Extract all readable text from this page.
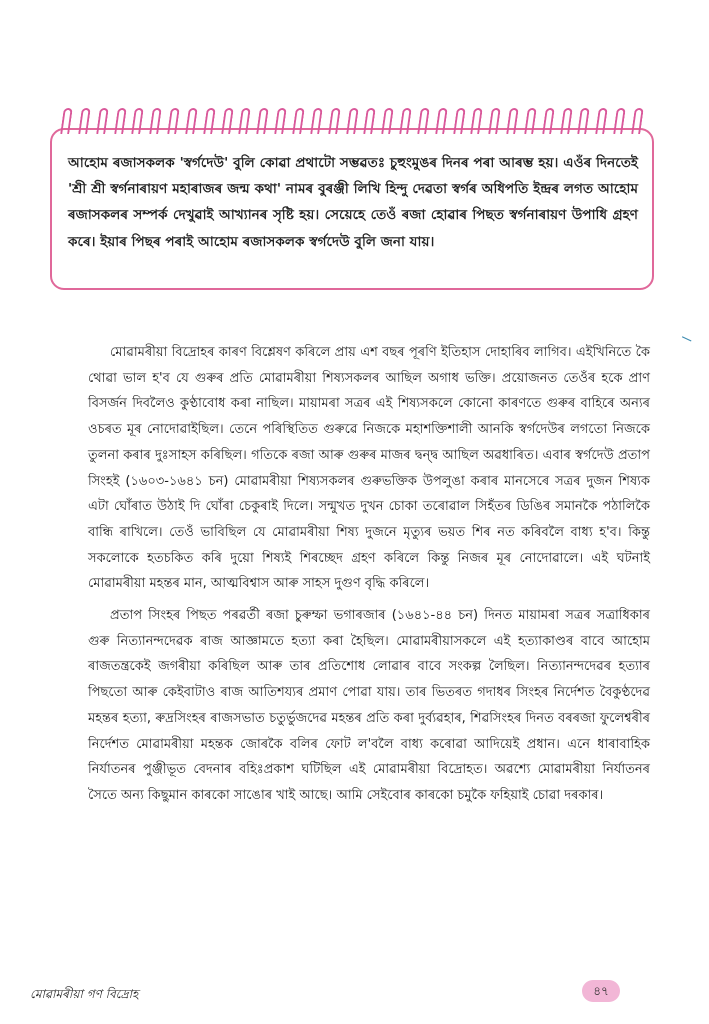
আহোম ৰজাসকলক 'স্বৰ্গদেউ' বুলি কোৱা প্ৰথাটো সম্ভৱতঃ চুহুংমুঙৰ দিনৰ পৰা আৰম্ভ হয়। এওঁৰ দিনতেই 'শ্ৰী শ্ৰী স্বৰ্গনাৰায়ণ মহাৰাজৰ জন্ম কথা' নামৰ বুৰঞ্জী লিখি হিন্দু দেৱতা স্বৰ্গৰ অধিপতি ইন্দ্ৰৰ লগত আহোম ৰজাসকলৰ সম্পৰ্ক দেখুৱাই আখ্যানৰ সৃষ্টি হয়। সেয়েহে তেওঁ ৰজা হোৱাৰ পিছত স্বৰ্গনাৰায়ণ উপাধি গ্ৰহণ কৰে। ইয়াৰ পিছৰ পৰাই আহোম ৰজাসকলক স্বৰ্গদেউ বুলি জনা যায়।

মোৱামৰীয়া বিদ্ৰোহৰ কাৰণ বিশ্লেষণ কৰিলে প্ৰায় এশ বছৰ পূৰণি ইতিহাস দোহাৰিব লাগিব। এইখিনিতে কৈ থোৱা ভাল হ'ব যে গুৰুৰ প্ৰতি মোৱামৰীয়া শিষ্যসকলৰ আছিল অগাধ ভক্তি। প্ৰয়োজনত তেওঁৰ হকে প্ৰাণ বিসৰ্জন দিবলৈও কুণ্ঠাবোধ কৰা নাছিল। মায়ামৰা সত্ৰৰ এই শিষ্যসকলে কোনো কাৰণতে গুৰুৰ বাহিৰে অন্যৰ ওচৰত মূৰ নোদোৱাইছিল। তেনে পৰিস্থিতিত গুৰুৱে নিজকে মহাশক্তিশালী আনকি স্বৰ্গদেউৰ লগতো নিজকে তুলনা কৰাৰ দুঃসাহস কৰিছিল। গতিকে ৰজা আৰু গুৰুৰ মাজৰ দ্বন্দ্ব আছিল অৱধাৰিত। এবাৰ স্বৰ্গদেউ প্ৰতাপ সিংহই (১৬০৩-১৬৪১ চন) মোৱামৰীয়া শিষ্যসকলৰ গুৰুভক্তিক উপলুঙা কৰাৰ মানসেৰে সত্ৰৰ দুজন শিষ্যক এটা ঘোঁৰাত উঠাই দি ঘোঁৰা চেকুৰাই দিলে। সন্মুখত দুখন চোকা তৰোৱাল সিহঁতৰ ডিঙিৰ সমানকৈ পঠালিকৈ বান্ধি ৰাখিলে। তেওঁ ভাবিছিল যে মোৱামৰীয়া শিষ্য দুজনে মৃত্যুৰ ভয়ত শিৰ নত কৰিবলৈ বাধ্য হ'ব। কিন্তু সকলোকে হতচকিত কৰি দুয়ো শিষ্যই শিৰচ্ছেদ গ্ৰহণ কৰিলে কিন্তু নিজৰ মূৰ নোদোৱালে। এই ঘটনাই মোৱামৰীয়া মহন্তৰ মান, আত্মবিশ্বাস আৰু সাহস দুগুণ বৃদ্ধি কৰিলে।

প্ৰতাপ সিংহৰ পিছত পৰৱৰ্তী ৰজা চুৰুম্ফা ভগাৰজাৰ (১৬৪১-৪৪ চন) দিনত মায়ামৰা সত্ৰৰ সত্ৰাধিকাৰ গুৰু নিত্যানন্দদেৱক ৰাজ আজ্ঞামতে হত্যা কৰা হৈছিল। মোৱামৰীয়াসকলে এই হত্যাকাণ্ডৰ বাবে আহোম ৰাজতন্ত্ৰকেই জগৰীয়া কৰিছিল আৰু তাৰ প্ৰতিশোধ লোৱাৰ বাবে সংকল্প লৈছিল। নিত্যানন্দদেৱৰ হত্যাৰ পিছতো আৰু কেইবাটাও ৰাজ আতিশয্যৰ প্ৰমাণ পোৱা যায়। তাৰ ভিতৰত গদাধৰ সিংহৰ নিৰ্দেশত বৈকুণ্ঠদেৱ মহন্তৰ হত্যা, ৰুদ্ৰসিংহৰ ৰাজসভাত চতুৰ্ভুজদেৱ মহন্তৰ প্ৰতি কৰা দুৰ্ব্যৱহাৰ, শিৱসিংহৰ দিনত বৰৰজা ফুলেশ্বৰীৰ নিৰ্দেশত মোৱামৰীয়া মহন্তক জোৰকৈ বলিৰ ফোট ল'বলৈ বাধ্য কৰোৱা আদিয়েই প্ৰধান। এনে ধাৰাবাহিক নিৰ্যাতনৰ পুঞ্জীভূত বেদনাৰ বহিঃপ্ৰকাশ ঘটিছিল এই মোৱামৰীয়া বিদ্ৰোহত। অৱশ্যে মোৱামৰীয়া নিৰ্যাতনৰ সৈতে অন্য কিছুমান কাৰকো সাঙোৰ খাই আছে। আমি সেইবোৰ কাৰকো চমুকৈ ফহিয়াই চোৱা দৰকাৰ।

মোৱামৰীয়া গণ বিদ্ৰোহ	৪৭
